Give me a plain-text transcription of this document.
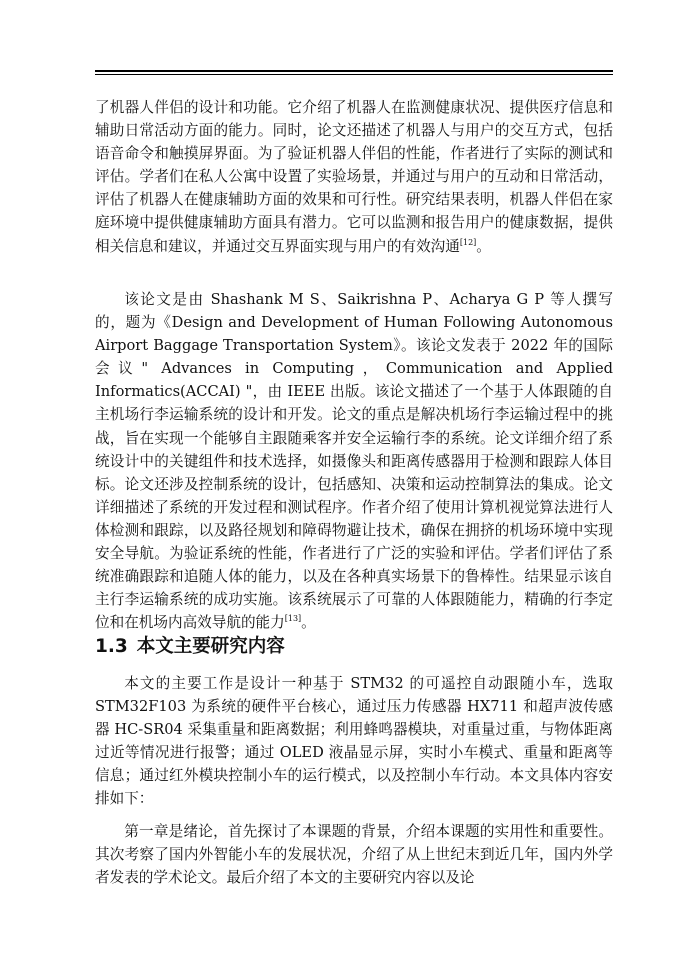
了机器人伴侣的设计和功能。它介绍了机器人在监测健康状况、提供医疗信息和辅助日常活动方面的能力。同时，论文还描述了机器人与用户的交互方式，包括语音命令和触摸屏界面。为了验证机器人伴侣的性能，作者进行了实际的测试和评估。学者们在私人公寓中设置了实验场景，并通过与用户的互动和日常活动，评估了机器人在健康辅助方面的效果和可行性。研究结果表明，机器人伴侣在家庭环境中提供健康辅助方面具有潜力。它可以监测和报告用户的健康数据，提供相关信息和建议，并通过交互界面实现与用户的有效沟通[12]。

该论文是由 Shashank M S、Saikrishna P、Acharya G P 等人撰写的，题为《Design and Development of Human Following Autonomous Airport Baggage Transportation System》。该论文发表于 2022 年的国际会议" Advances in Computing，Communication and Applied Informatics(ACCAI) "，由 IEEE 出版。该论文描述了一个基于人体跟随的自主机场行李运输系统的设计和开发。论文的重点是解决机场行李运输过程中的挑战，旨在实现一个能够自主跟随乘客并安全运输行李的系统。论文详细介绍了系统设计中的关键组件和技术选择，如摄像头和距离传感器用于检测和跟踪人体目标。论文还涉及控制系统的设计，包括感知、决策和运动控制算法的集成。论文详细描述了系统的开发过程和测试程序。作者介绍了使用计算机视觉算法进行人体检测和跟踪，以及路径规划和障碍物避让技术，确保在拥挤的机场环境中实现安全导航。为验证系统的性能，作者进行了广泛的实验和评估。学者们评估了系统准确跟踪和追随人体的能力，以及在各种真实场景下的鲁棒性。结果显示该自主行李运输系统的成功实施。该系统展示了可靠的人体跟随能力，精确的行李定位和在机场内高效导航的能力[13]。

1.3 本文主要研究内容

本文的主要工作是设计一种基于 STM32 的可遥控自动跟随小车，选取 STM32F103 为系统的硬件平台核心，通过压力传感器 HX711 和超声波传感器 HC-SR04 采集重量和距离数据；利用蜂鸣器模块，对重量过重，与物体距离过近等情况进行报警；通过 OLED 液晶显示屏，实时小车模式、重量和距离等信息；通过红外模块控制小车的运行模式，以及控制小车行动。本文具体内容安排如下：

第一章是绪论，首先探讨了本课题的背景，介绍本课题的实用性和重要性。其次考察了国内外智能小车的发展状况，介绍了从上世纪末到近几年，国内外学者发表的学术论文。最后介绍了本文的主要研究内容以及论
